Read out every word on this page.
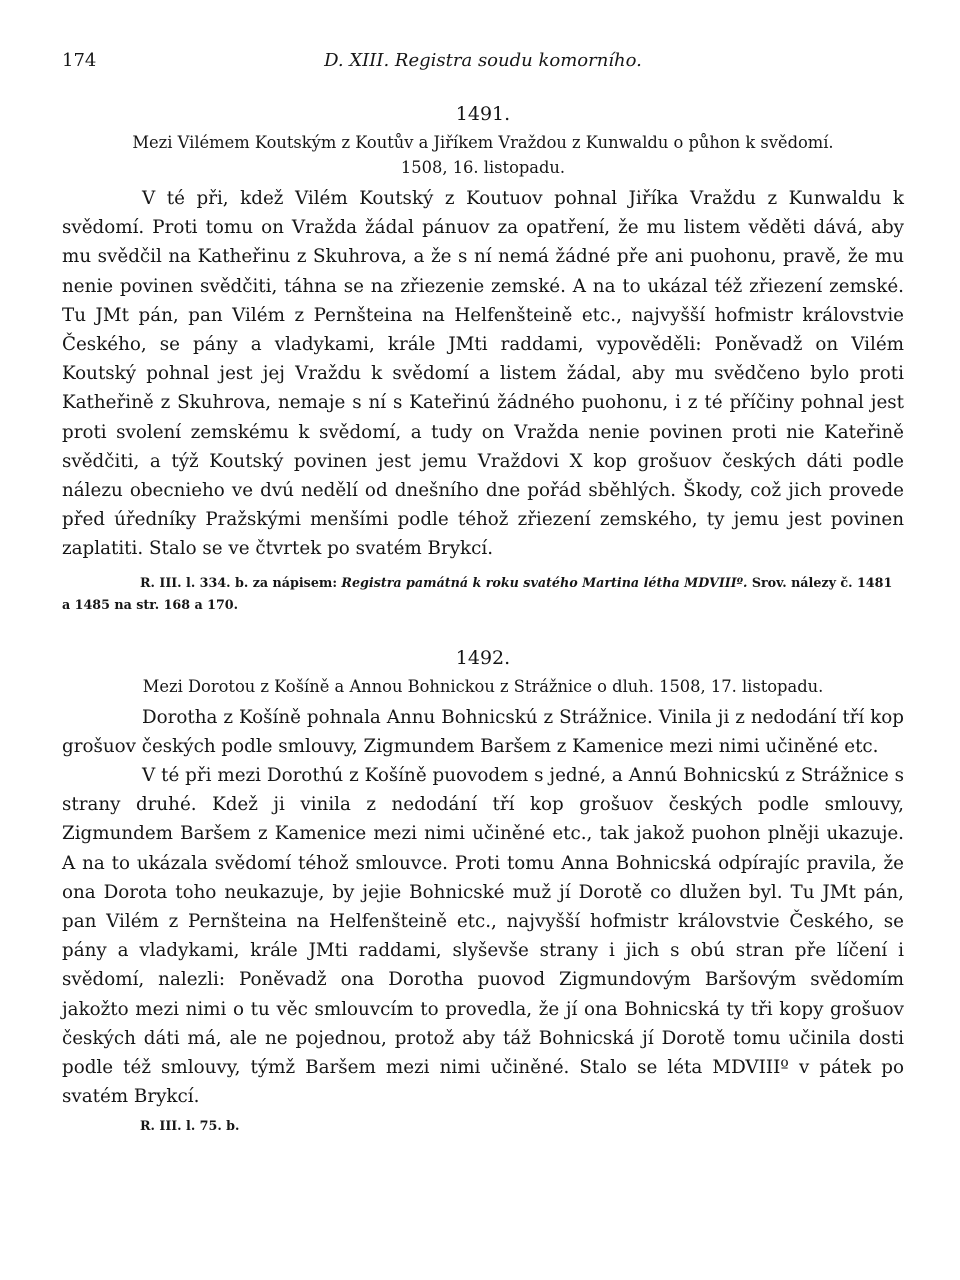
174	D. XIII. Registra soudu komorního.
1491.
Mezi Vilémem Koutským z Koutův a Jiříkem Vraždou z Kunwaldu o půhon k svědomí.
1508, 16. listopadu.

V té při, kdež Vilém Koutský z Koutuov pohnal Jiříka Vraždu z Kunwaldu k svědomí. Proti tomu on Vražda žádal pánuov za opatření, že mu listem věděti dává, aby mu svědčil na Katheřinu z Skuhrova, a že s ní nemá žádné pře ani puohonu, pravě, že mu nenie povinen svědčiti, táhna se na zřiezenie zemské. A na to ukázal též zřiezení zemské. Tu JMt pán, pan Vilém z Pernšteina na Helfenšteině etc., najvyšší hofmistr královstvie Českého, se pány a vladykami, krále JMti raddami, vypověděli: Poněvadž on Vilém Koutský pohnal jest jej Vraždu k svědomí a listem žádal, aby mu svědčeno bylo proti Katheřině z Skuhrova, nemaje s ní s Kateřinú žádného puohonu, i z té příčiny pohnal jest proti svolení zemskému k svědomí, a tudy on Vražda nenie povinen proti nie Kateřině svědčiti, a týž Koutský povinen jest jemu Vraždovi X kop grošuov českých dáti podle nálezu obecnieho ve dvú nedělí od dnešního dne pořád sběhlých. Škody, což jich provede před úředníky Pražskými menšími podle téhož zřiezení zemského, ty jemu jest povinen zaplatiti. Stalo se ve čtvrtek po svatém Brykcí.

R. III. l. 334. b. za nápisem: Registra památná k roku svatého Martina létha MDVIIIº. Srov. nálezy č. 1481 a 1485 na str. 168 a 170.

1492.
Mezi Dorotou z Košíně a Annou Bohnickou z Strážnice o dluh. 1508, 17. listopadu.

Dorotha z Košíně pohnala Annu Bohnicskú z Strážnice. Vinila ji z nedodání tří kop grošuov českých podle smlouvy, Zigmundem Baršem z Kamenice mezi nimi učiněné etc.

V té při mezi Dorothú z Košíně puovodem s jedné, a Annú Bohnicskú z Strážnice s strany druhé. Kdež ji vinila z nedodání tří kop grošuov českých podle smlouvy, Zigmundem Baršem z Kamenice mezi nimi učiněné etc., tak jakož puohon plněji ukazuje. A na to ukázala svědomí téhož smlouvce. Proti tomu Anna Bohnicská odpírajíc pravila, že ona Dorota toho neukazuje, by jejie Bohnicské muž jí Dorotě co dlužen byl. Tu JMt pán, pan Vilém z Pernšteina na Helfenšteině etc., najvyšší hofmistr královstvie Českého, se pány a vladykami, krále JMti raddami, slyševše strany i jich s obú stran pře líčení i svědomí, nalezli: Poněvadž ona Dorotha puovod Zigmundovým Baršovým svědomím jakožto mezi nimi o tu věc smlouvcím to provedla, že jí ona Bohnicská ty tři kopy grošuov českých dáti má, ale ne pojednou, protož aby táž Bohnicská jí Dorotě tomu učinila dosti podle též smlouvy, týmž Baršem mezi nimi učiněné. Stalo se léta MDVIIIº v pátek po svatém Brykcí.

R. III. l. 75. b.
